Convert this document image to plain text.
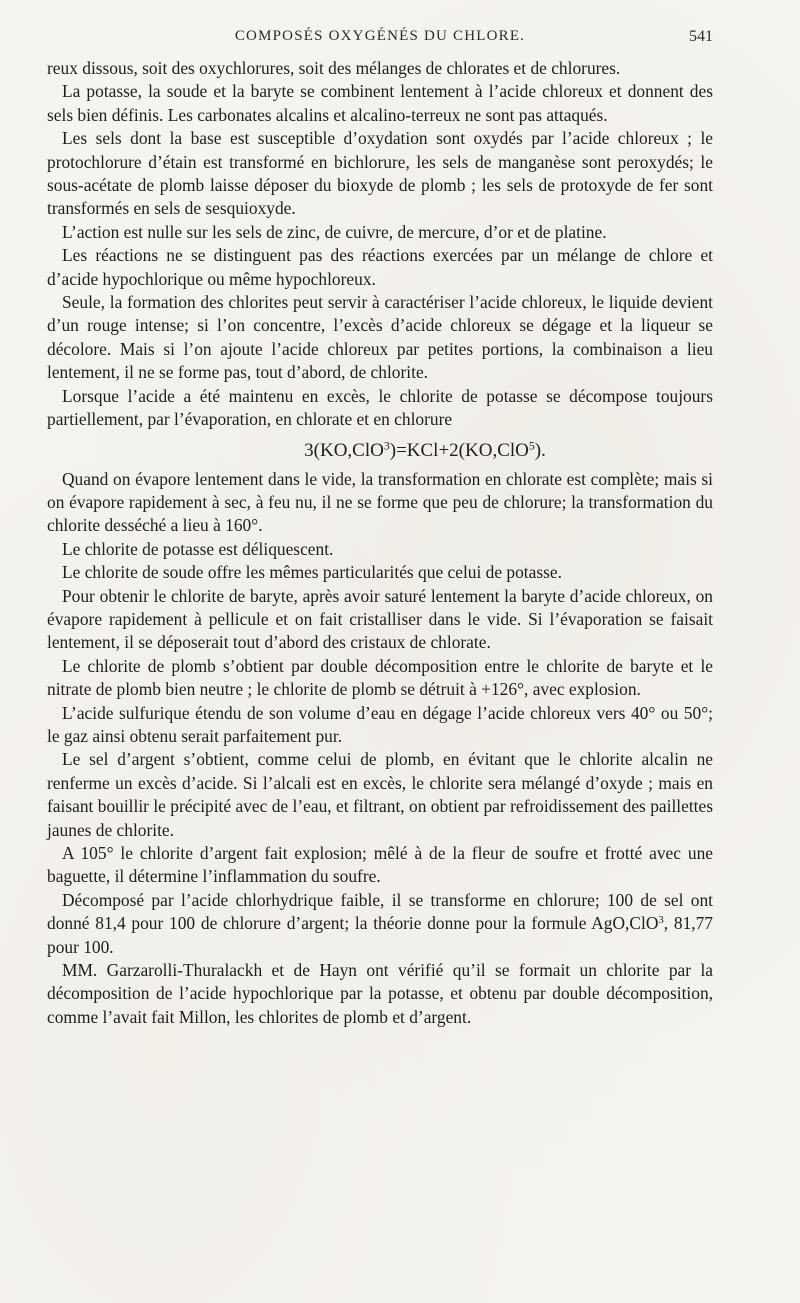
COMPOSÉS OXYGÉNÉS DU CHLORE.	541

reux dissous, soit des oxychlorures, soit des mélanges de chlorates et de chlorures.

La potasse, la soude et la baryte se combinent lentement à l’acide chloreux et donnent des sels bien définis. Les carbonates alcalins et alcalino-terreux ne sont pas attaqués.

Les sels dont la base est susceptible d’oxydation sont oxydés par l’acide chloreux ; le protochlorure d’étain est transformé en bichlorure, les sels de manganèse sont peroxydés; le sous-acétate de plomb laisse déposer du bioxyde de plomb ; les sels de protoxyde de fer sont transformés en sels de sesquioxyde.

L’action est nulle sur les sels de zinc, de cuivre, de mercure, d’or et de platine.

Les réactions ne se distinguent pas des réactions exercées par un mélange de chlore et d’acide hypochlorique ou même hypochloreux.

Seule, la formation des chlorites peut servir à caractériser l’acide chloreux, le liquide devient d’un rouge intense; si l’on concentre, l’excès d’acide chloreux se dégage et la liqueur se décolore. Mais si l’on ajoute l’acide chloreux par petites portions, la combinaison a lieu lentement, il ne se forme pas, tout d’abord, de chlorite.

Lorsque l’acide a été maintenu en excès, le chlorite de potasse se décompose toujours partiellement, par l’évaporation, en chlorate et en chlorure

3(KO,ClO$^3$)=KCl+2(KO,ClO$^5$).

Quand on évapore lentement dans le vide, la transformation en chlorate est complète; mais si on évapore rapidement à sec, à feu nu, il ne se forme que peu de chlorure; la transformation du chlorite desséché a lieu à 160°.

Le chlorite de potasse est déliquescent.

Le chlorite de soude offre les mêmes particularités que celui de potasse.

Pour obtenir le chlorite de baryte, après avoir saturé lentement la baryte d’acide chloreux, on évapore rapidement à pellicule et on fait cristalliser dans le vide. Si l’évaporation se faisait lentement, il se déposerait tout d’abord des cristaux de chlorate.

Le chlorite de plomb s’obtient par double décomposition entre le chlorite de baryte et le nitrate de plomb bien neutre ; le chlorite de plomb se détruit à +126°, avec explosion.

L’acide sulfurique étendu de son volume d’eau en dégage l’acide chloreux vers 40° ou 50°; le gaz ainsi obtenu serait parfaitement pur.

Le sel d’argent s’obtient, comme celui de plomb, en évitant que le chlorite alcalin ne renferme un excès d’acide. Si l’alcali est en excès, le chlorite sera mélangé d’oxyde ; mais en faisant bouillir le précipité avec de l’eau, et filtrant, on obtient par refroidissement des paillettes jaunes de chlorite.

A 105° le chlorite d’argent fait explosion; mêlé à de la fleur de soufre et frotté avec une baguette, il détermine l’inflammation du soufre.

Décomposé par l’acide chlorhydrique faible, il se transforme en chlorure; 100 de sel ont donné 81,4 pour 100 de chlorure d’argent; la théorie donne pour la formule AgO,ClO$^3$, 81,77 pour 100.

MM. Garzarolli-Thuralackh et de Hayn ont vérifié qu’il se formait un chlorite par la décomposition de l’acide hypochlorique par la potasse, et obtenu par double décomposition, comme l’avait fait Millon, les chlorites de plomb et d’argent.
